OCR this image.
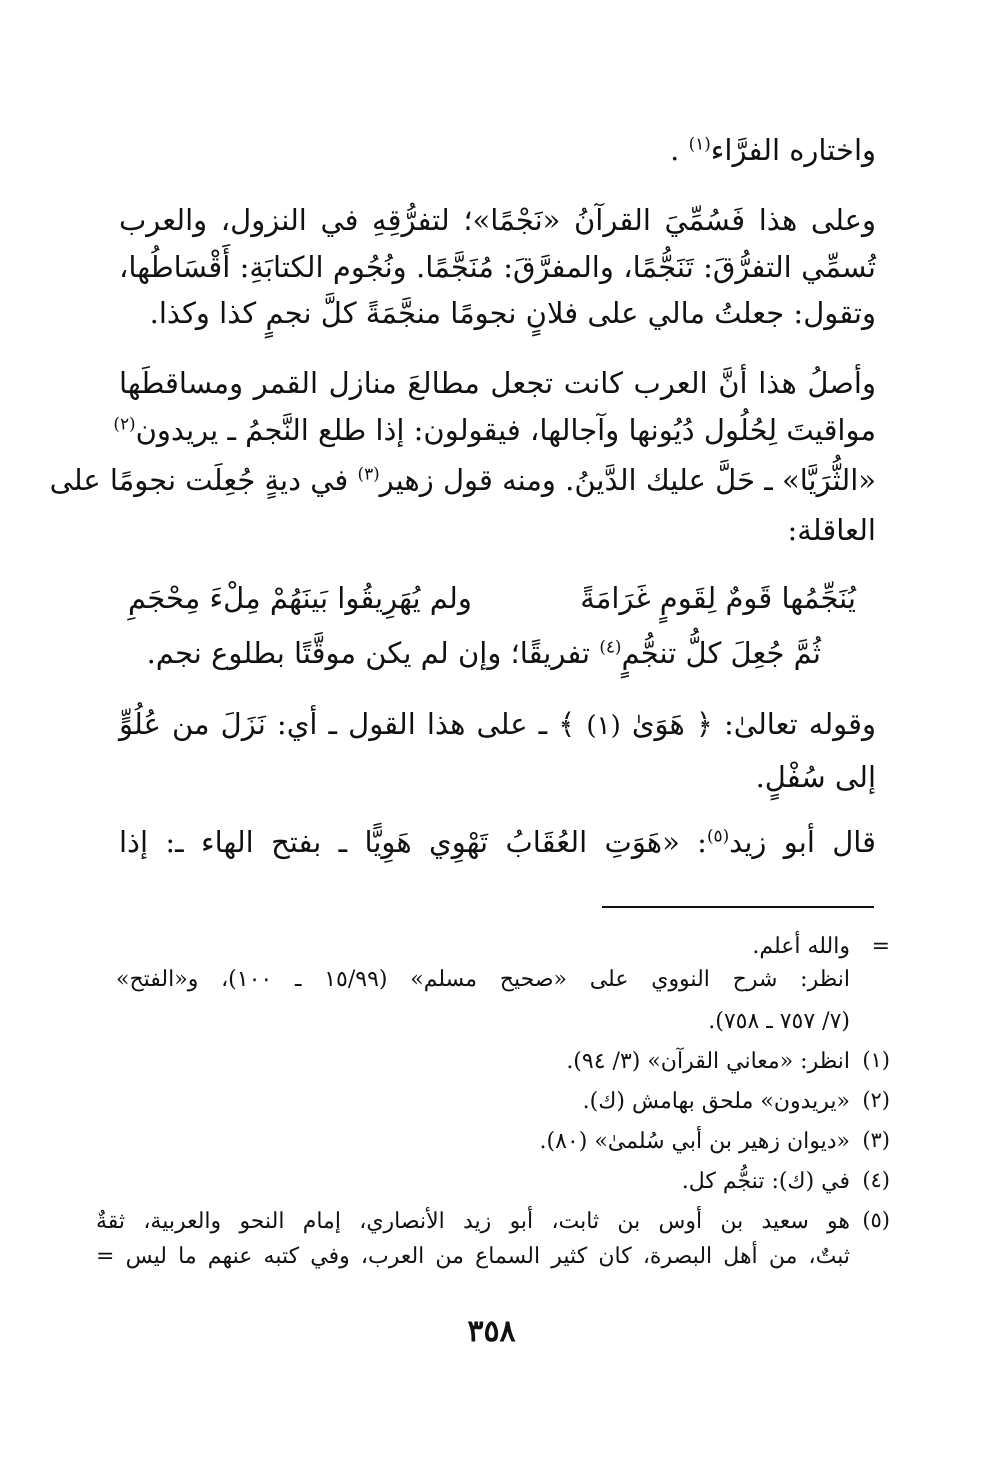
واختاره الفرَّاء$^{(١)}$ .
وعلى هذا فَسُمِّيَ القرآنُ «نَجْمًا»؛ لتفرُّقِهِ في النزول، والعرب
تُسمِّي التفرُّقَ: تَنَجُّمًا، والمفرَّقَ: مُنَجَّمًا. ونُجُوم الكتابَةِ: أَقْسَاطُها،
وتقول: جعلتُ مالي على فلانٍ نجومًا منجَّمَةً كلَّ نجمٍ كذا وكذا.
وأصلُ هذا أنَّ العرب كانت تجعل مطالعَ منازل القمر ومساقطَها
مواقيتَ لِحُلُول دُيُونها وآجالها، فيقولون: إذا طلع النَّجمُ ـ يريدون$^{(٢)}$
«الثُّرَيَّا» ـ حَلَّ عليك الدَّينُ. ومنه قول زهير$^{(٣)}$ في ديةٍ جُعِلَت نجومًا على
العاقلة:
يُنَجِّمُها قَومٌ لِقَومٍ غَرَامَةً
ولم يُهَرِيقُوا بَينَهُمْ مِلْءَ مِحْجَمِ
ثُمَّ جُعِلَ كلُّ تنجُّمٍ$^{(٤)}$ تفريقًا؛ وإن لم يكن موقَّتًا بطلوع نجم.
وقوله تعالىٰ: ﴿ هَوَىٰ (١) ﴾ ـ على هذا القول ـ أي: نَزَلَ من عُلُوٍّ
إلى سُفْلٍ.
قال أبو زيد$^{(٥)}$: «هَوَتِ العُقَابُ تَهْوِي هَوِيًّا ـ بفتح الهاء ـ: إذا
=
والله أعلم.
انظر: شرح النووي على «صحيح مسلم» (١٥/٩٩ ـ ١٠٠)، و«الفتح»
(٧/ ٧٥٧ ـ ٧٥٨).
(١)
انظر: «معاني القرآن» (٣/ ٩٤).
(٢)
«يريدون» ملحق بهامش (ك).
(٣)
«ديوان زهير بن أبي سُلمىٰ» (٨٠).
(٤)
في (ك): تنجُّم كل.
(٥)
هو سعيد بن أوس بن ثابت، أبو زيد الأنصاري، إمام النحو والعربية، ثقةٌ
ثبتٌ، من أهل البصرة، كان كثير السماع من العرب، وفي كتبه عنهم ما ليس =
٣٥٨
